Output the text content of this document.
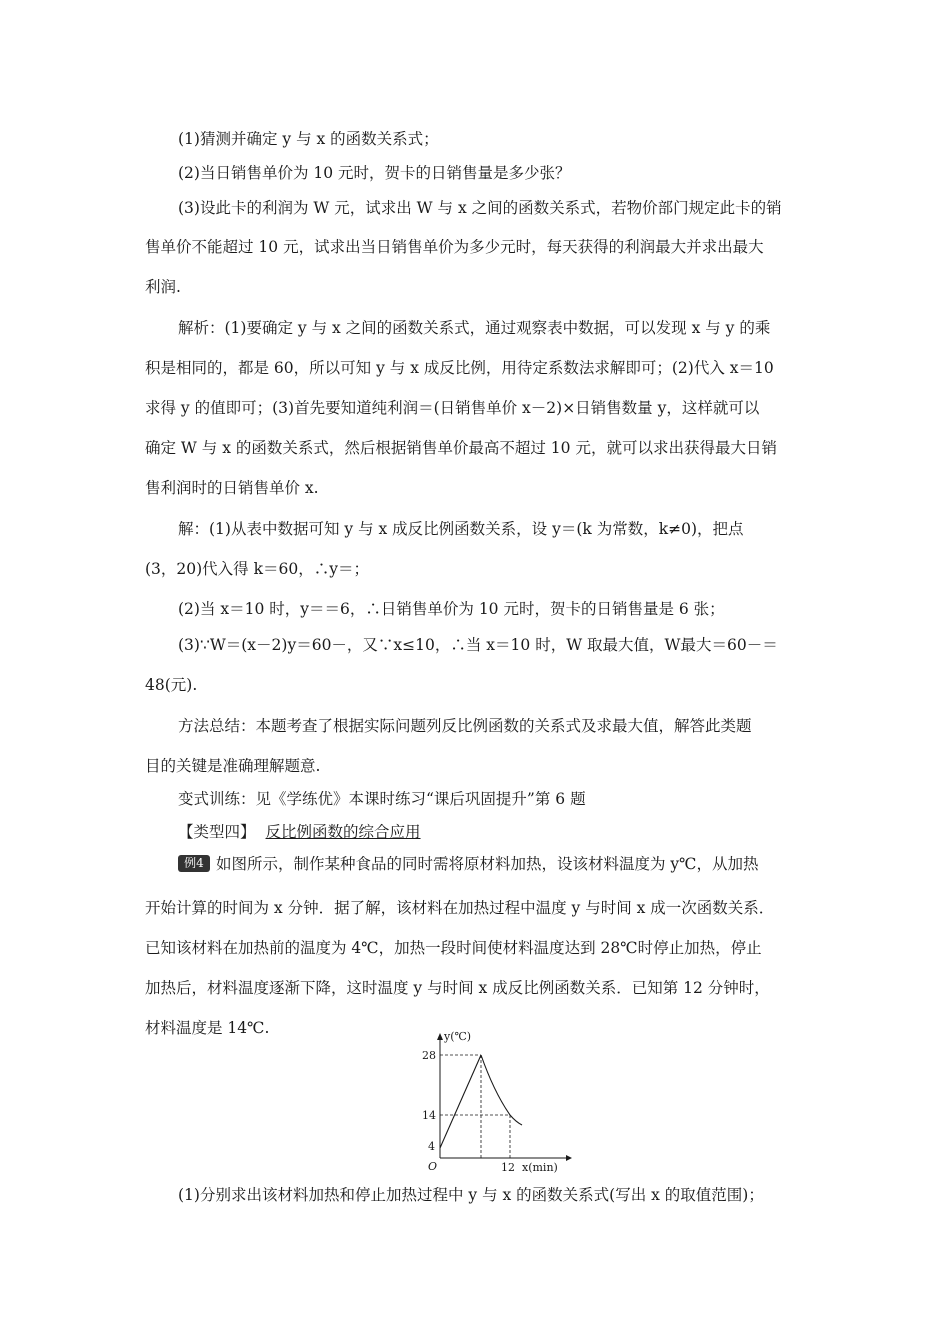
(1)猜测并确定 y 与 x 的函数关系式；
(2)当日销售单价为 10 元时，贺卡的日销售量是多少张？
(3)设此卡的利润为 W 元，试求出 W 与 x 之间的函数关系式，若物价部门规定此卡的销
售单价不能超过 10 元，试求出当日销售单价为多少元时，每天获得的利润最大并求出最大
利润.
解析：(1)要确定 y 与 x 之间的函数关系式，通过观察表中数据，可以发现 x 与 y 的乘
积是相同的，都是 60，所以可知 y 与 x 成反比例，用待定系数法求解即可；(2)代入 x＝10
求得 y 的值即可；(3)首先要知道纯利润＝(日销售单价 x－2)×日销售数量 y，这样就可以
确定 W 与 x 的函数关系式，然后根据销售单价最高不超过 10 元，就可以求出获得最大日销
售利润时的日销售单价 x.
解：(1)从表中数据可知 y 与 x 成反比例函数关系，设 y＝(k 为常数，k≠0)，把点
(3，20)代入得 k＝60，∴y＝；
(2)当 x＝10 时，y＝＝6，∴日销售单价为 10 元时，贺卡的日销售量是 6 张；
(3)∵W＝(x－2)y＝60－，又∵x≤10，∴当 x＝10 时，W 取最大值，W最大＝60－＝
48(元).
方法总结：本题考查了根据实际问题列反比例函数的关系式及求最大值，解答此类题
目的关键是准确理解题意.
变式训练：见《学练优》本课时练习“课后巩固提升”第 6 题
【类型四】 反比例函数的综合应用
例4 如图所示，制作某种食品的同时需将原材料加热，设该材料温度为 y℃，从加热
开始计算的时间为 x 分钟．据了解，该材料在加热过程中温度 y 与时间 x 成一次函数关系．
已知该材料在加热前的温度为 4℃，加热一段时间使材料温度达到 28℃时停止加热，停止
加热后，材料温度逐渐下降，这时温度 y 与时间 x 成反比例函数关系．已知第 12 分钟时，
材料温度是 14℃.	y(℃)
28
14
4
O	12 x(min)
(1)分别求出该材料加热和停止加热过程中 y 与 x 的函数关系式(写出 x 的取值范围)；
